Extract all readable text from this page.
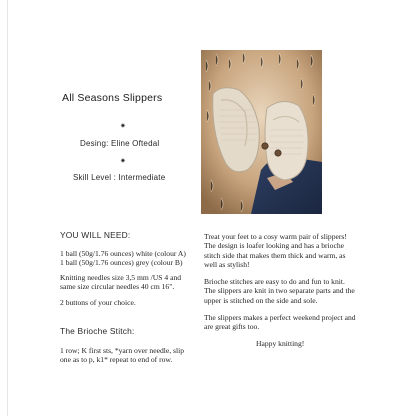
All Seasons Slippers
✷
Desing: Eline Oftedal
✷
Skill Level : Intermediate
YOU WILL NEED:
1 ball (50g/1.76 ounces) white (colour A)
1 ball (50g/1.76 ounces) grey (colour B)
Knitting needles size 3,5 mm /US 4 and
same size circular needles 40 cm 16".
2 buttons of your choice.
The Brioche Stitch:
1 row; K first sts, *yarn over needle, slip
one as to p, k1* repeat to end of row.
Treat your feet to a cosy warm pair of slippers!
The design is loafer looking and has a brioche
stitch side that makes them thick and warm, as
well as stylish!
Brioche stitches are easy to do and fun to knit.
The slippers are knit in two separate parts and the
upper is stitched on the side and sole.
The slippers makes a perfect weekend project and
are great gifts too.
Happy knitting!
